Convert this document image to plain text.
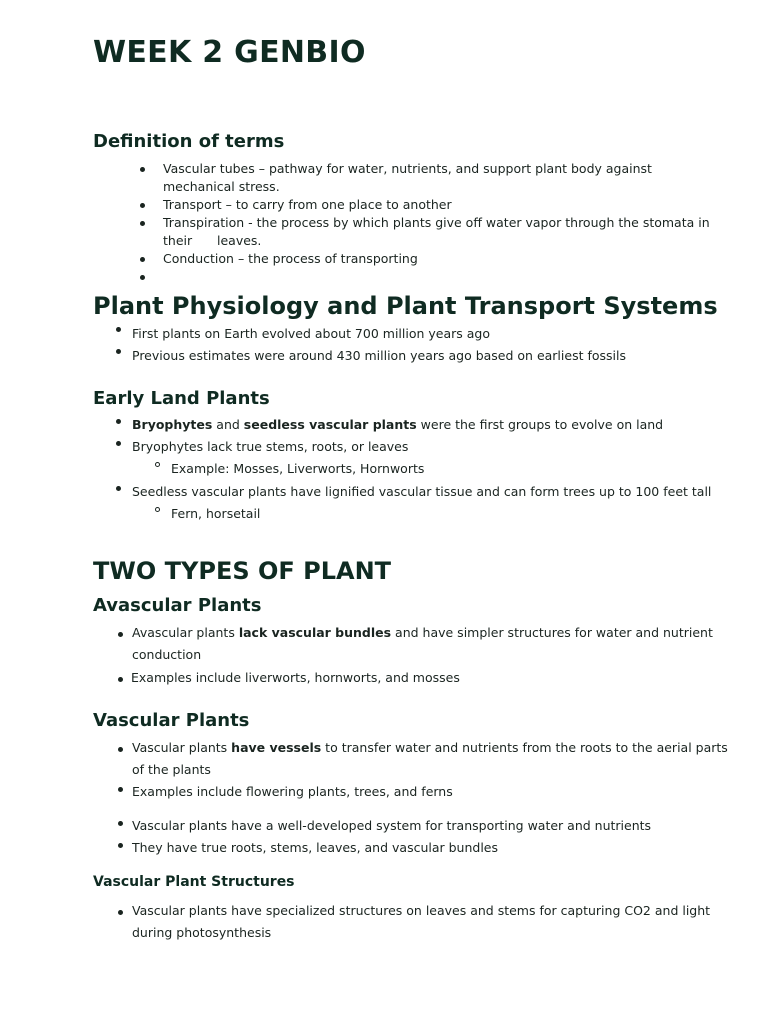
WEEK 2 GENBIO
Definition of terms

Vascular tubes – pathway for water, nutrients, and support plant body against

mechanical stress.

Transport – to carry from one place to another

Transpiration - the process by which plants give off water vapor through the stomata in

their leaves.

Conduction – the process of transporting

Plant Physiology and Plant Transport Systems

First plants on Earth evolved about 700 million years ago

Previous estimates were around 430 million years ago based on earliest fossils

Early Land Plants

Bryophytes and seedless vascular plants were the first groups to evolve on land

Bryophytes lack true stems, roots, or leaves

Example: Mosses, Liverworts, Hornworts

Seedless vascular plants have lignified vascular tissue and can form trees up to 100 feet tall

Fern, horsetail

TWO TYPES OF PLANT
Avascular Plants

Avascular plants lack vascular bundles and have simpler structures for water and nutrient

conduction

Examples include liverworts, hornworts, and mosses

Vascular Plants

Vascular plants have vessels to transfer water and nutrients from the roots to the aerial parts

of the plants

Examples include flowering plants, trees, and ferns

Vascular plants have a well-developed system for transporting water and nutrients

They have true roots, stems, leaves, and vascular bundles

Vascular Plant Structures

Vascular plants have specialized structures on leaves and stems for capturing CO2 and light

during photosynthesis
